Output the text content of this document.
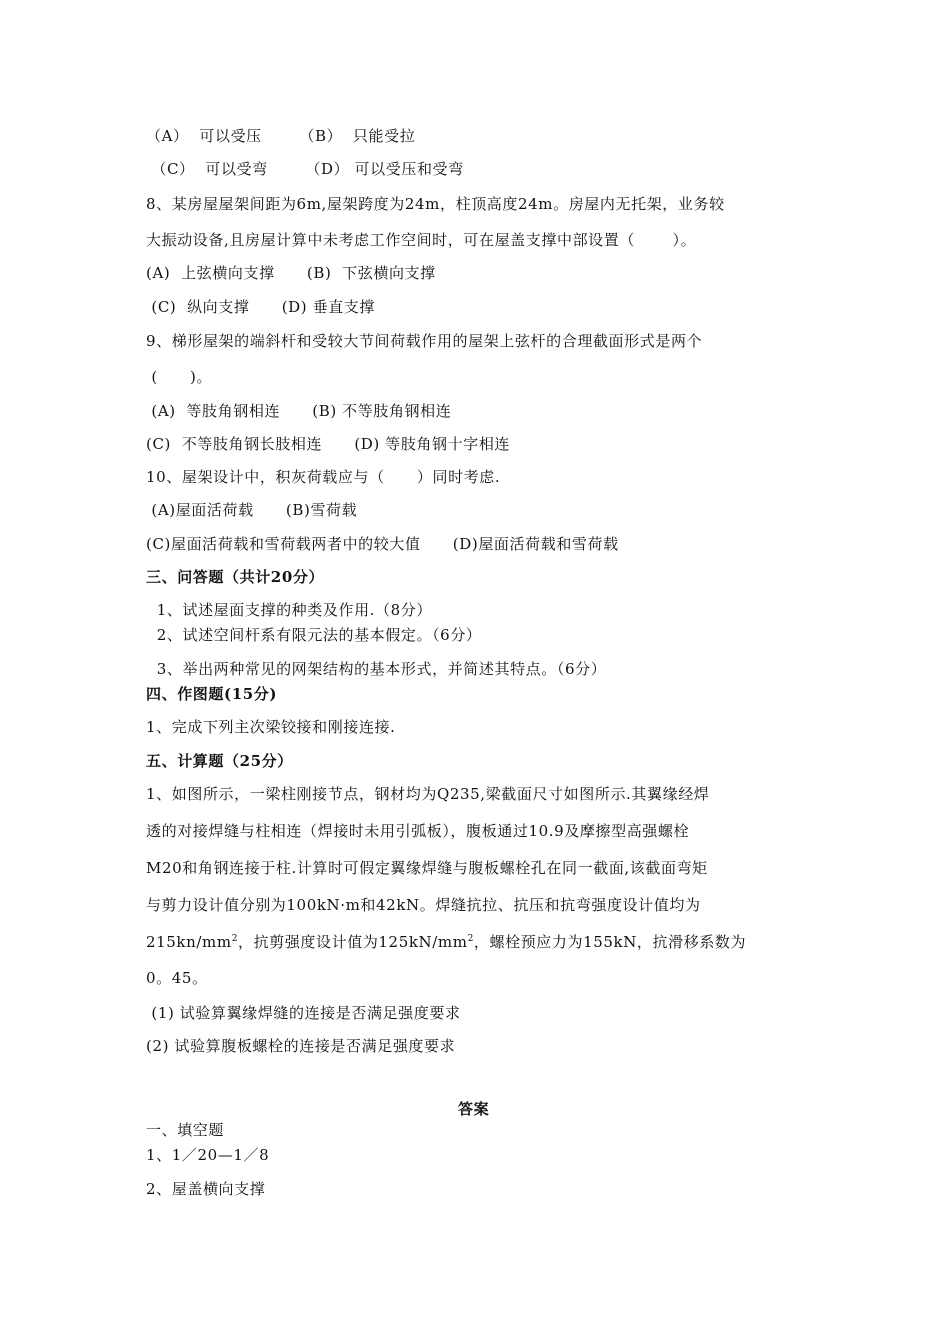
（A）  可以受压       （B）  只能受拉
（C）  可以受弯       （D） 可以受压和受弯
8、某房屋屋架间距为6m,屋架跨度为24m，柱顶高度24m。房屋内无托架，业务较
大振动设备,且房屋计算中未考虑工作空间时，可在屋盖支撑中部设置（       ）。
(A)  上弦横向支撑      (B)  下弦横向支撑
(C)  纵向支撑      (D) 垂直支撑
9、梯形屋架的端斜杆和受较大节间荷载作用的屋架上弦杆的合理截面形式是两个
(      )。
(A)  等肢角钢相连      (B) 不等肢角钢相连
(C)  不等肢角钢长肢相连      (D) 等肢角钢十字相连
10、屋架设计中，积灰荷载应与（      ）同时考虑.
(A)屋面活荷载      (B)雪荷载
(C)屋面活荷载和雪荷载两者中的较大值      (D)屋面活荷载和雪荷载
三、问答题（共计20分）
1、试述屋面支撑的种类及作用.（8分）
2、试述空间杆系有限元法的基本假定。（6分）
3、举出两种常见的网架结构的基本形式，并简述其特点。（6分）
四、作图题(15分)
1、完成下列主次梁铰接和刚接连接.
五、计算题（25分）
1、如图所示，一梁柱刚接节点，钢材均为Q235,梁截面尺寸如图所示.其翼缘经焊
透的对接焊缝与柱相连（焊接时未用引弧板），腹板通过10.9及摩擦型高强螺栓
M20和角钢连接于柱.计算时可假定翼缘焊缝与腹板螺栓孔在同一截面,该截面弯矩
与剪力设计值分别为100kN·m和42kN。焊缝抗拉、抗压和抗弯强度设计值均为
$215kn/mm^2$，抗剪强度设计值为$125kN/mm^2$，螺栓预应力为155kN，抗滑移系数为
0。45。
(1) 试验算翼缘焊缝的连接是否满足强度要求
(2) 试验算腹板螺栓的连接是否满足强度要求
答案
一、填空题
1、1／20—1／8
2、屋盖横向支撑
